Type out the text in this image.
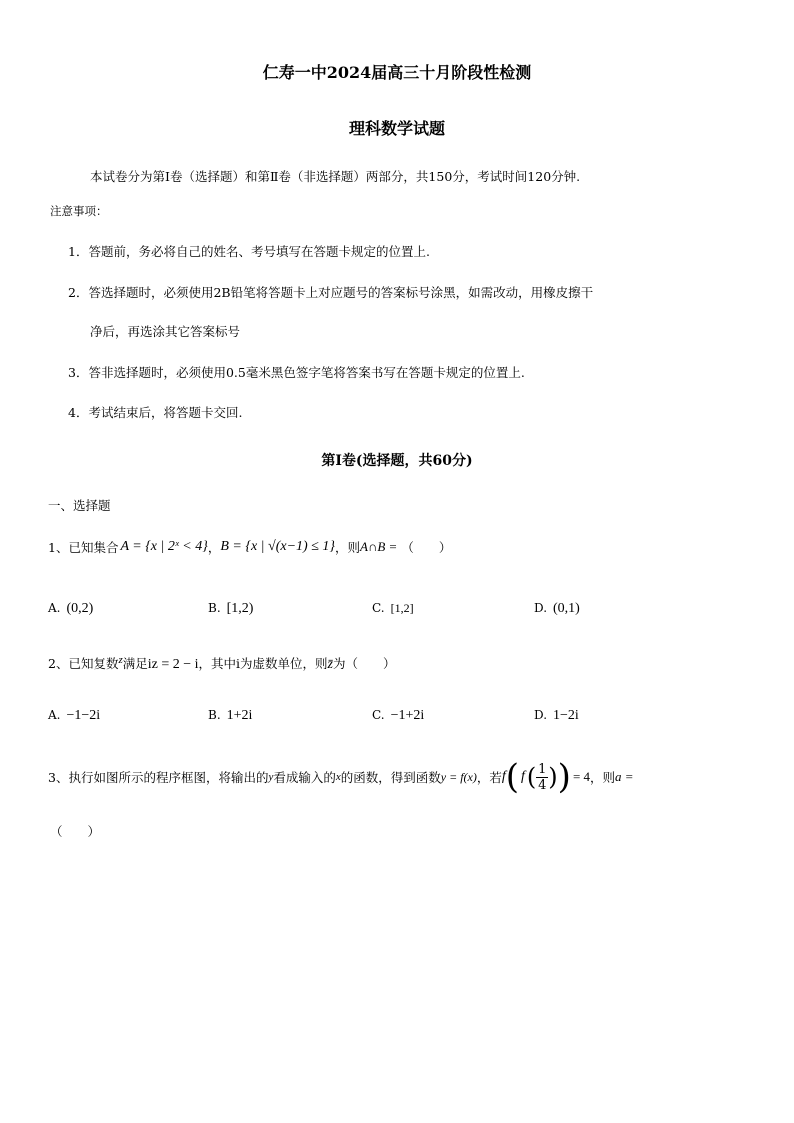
仁寿一中2024届高三十月阶段性检测
理科数学试题
本试卷分为第Ⅰ卷（选择题）和第Ⅱ卷（非选择题）两部分，共150分，考试时间120分钟.
注意事项：
1．答题前，务必将自己的姓名、考号填写在答题卡规定的位置上.
2．答选择题时，必须使用2B铅笔将答题卡上对应题号的答案标号涂黑，如需改动，用橡皮擦干
净后，再选涂其它答案标号
3．答非选择题时，必须使用0.5毫米黑色签字笔将答案书写在答题卡规定的位置上.
4．考试结束后，将答题卡交回.
第Ⅰ卷(选择题，共60分)
一、选择题
1、已知集合 A = {x | 2ˣ < 4} ， B = {x | √(x−1) ≤ 1} ，则 A∩B = （　　）
A. (0,2)	B. [1,2)	C. [1,2]	D. (0,1)
2、已知复数z满足iz = 2 − i，其中i为虚数单位，则z̄为（　　）
A. −1−2i	B. 1+2i	C. −1+2i	D. 1−2i
3、执行如图所示的程序框图，将输出的 y 看成输入的 x 的函数，得到函数 y = f(x) ，若 f ( f ( $\frac{1}{4}$ ) ) = 4 ，则 a =
（　　）
